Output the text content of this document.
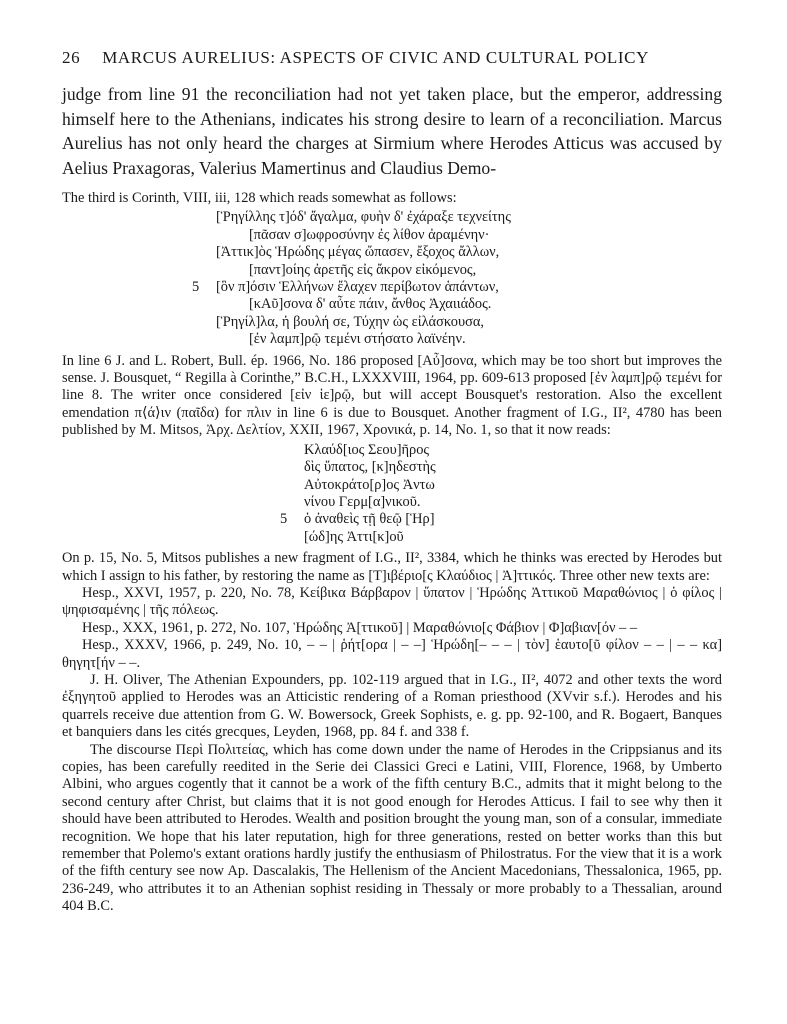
26 MARCUS AURELIUS: ASPECTS OF CIVIC AND CULTURAL POLICY

judge from line 91 the reconciliation had not yet taken place, but the emperor, addressing himself here to the Athenians, indicates his strong desire to learn of a reconciliation. Marcus Aurelius has not only heard the charges at Sirmium where Herodes Atticus was accused by Aelius Praxagoras, Valerius Mamertinus and Claudius Demo-

The third is Corinth, VIII, iii, 128 which reads somewhat as follows:

[Ῥηγίλλης τ]όδ' ἄγαλμα, φυὴν δ' ἐχάραξε τεχνείτης
[πᾶσαν σ]ωφροσύνην ἐς λίθον ἀραμένην·
[Ἀττικ]ὸς Ἡρώδης μέγας ὤπασεν, ἔξοχος ἄλλων,
[παντ]οίης ἀρετῆς εἰς ἄκρον εἰκόμενος,
5 [ὃν π]όσιν Ἑλλήνων ἔλαχεν περίβωτον ἁπάντων,
[κΑῦ]σονα δ' αὖτε πάιν, ἄνθος Ἀχαιιάδος.
[Ῥηγίλ]λα, ἡ βουλή σε, Τύχην ὡς εἰλάσκουσα,
[ἐν λαμπ]ρῷ τεμένι στήσατο λαϊνέην.

In line 6 J. and L. Robert, Bull. ép. 1966, No. 186 proposed [Αὖ]σονα, which may be too short but improves the sense. J. Bousquet, “ Regilla à Corinthe,” B.C.H., LXXXVIII, 1964, pp. 609-613 proposed [ἐν λαμπ]ρῷ τεμένι for line 8. The writer once considered [εἰν ἱε]ρῷ, but will accept Bousquet's restoration. Also the excellent emendation π⟨ά⟩ιν (παῖδα) for πλιν in line 6 is due to Bousquet. Another fragment of I.G., II², 4780 has been published by M. Mitsos, Ἀρχ. Δελτίον, XXII, 1967, Χρονικά, p. 14, No. 1, so that it now reads:

Κλαύδ[ιος Σεου]ῆρος
δὶς ὕπατος, [κ]ηδεστὴς
Αὐτοκράτο[ρ]ος Ἀντω
νίνου Γερμ[α]νικοῦ.
5 ὁ ἀναθεὶς τῇ θεῷ [Ἡρ]
[ώδ]ης Ἀττι[κ]οῦ

On p. 15, No. 5, Mitsos publishes a new fragment of I.G., II², 3384, which he thinks was erected by Herodes but which I assign to his father, by restoring the name as [Τ]ιβέριο[ς Κλαύδιος | Ἀ]ττικός. Three other new texts are:

Hesp., XXVI, 1957, p. 220, No. 78, Κείβικα Βάρβαρον | ὕπατον | Ἡρώδης Ἀττικοῦ Μαραθώνιος | ὁ φίλος | ψηφισαμένης | τῆς πόλεως.

Hesp., XXX, 1961, p. 272, No. 107, Ἡρώδης Ἀ[ττικοῦ] | Μαραθώνιο[ς Φάβιον | Φ]αβιαν[όν – –

Hesp., XXXV, 1966, p. 249, No. 10, – – | ῥήτ[ορα | – –] Ἡρώδη[– – – | τὸν] ἑαυτο[ῦ φίλον – – | – – κα] θηγητ[ήν – –.

J. H. Oliver, The Athenian Expounders, pp. 102-119 argued that in I.G., II², 4072 and other texts the word ἐξηγητοῦ applied to Herodes was an Atticistic rendering of a Roman priesthood (XVvir s.f.). Herodes and his quarrels receive due attention from G. W. Bowersock, Greek Sophists, e. g. pp. 92-100, and R. Bogaert, Banques et banquiers dans les cités grecques, Leyden, 1968, pp. 84 f. and 338 f.

The discourse Περὶ Πολιτείας, which has come down under the name of Herodes in the Crippsianus and its copies, has been carefully reedited in the Serie dei Classici Greci e Latini, VIII, Florence, 1968, by Umberto Albini, who argues cogently that it cannot be a work of the fifth century B.C., admits that it might belong to the second century after Christ, but claims that it is not good enough for Herodes Atticus. I fail to see why then it should have been attributed to Herodes. Wealth and position brought the young man, son of a consular, immediate recognition. We hope that his later reputation, high for three generations, rested on better works than this but remember that Polemo's extant orations hardly justify the enthusiasm of Philostratus. For the view that it is a work of the fifth century see now Ap. Dascalakis, The Hellenism of the Ancient Macedonians, Thessalonica, 1965, pp. 236-249, who attributes it to an Athenian sophist residing in Thessaly or more probably to a Thessalian, around 404 B.C.
